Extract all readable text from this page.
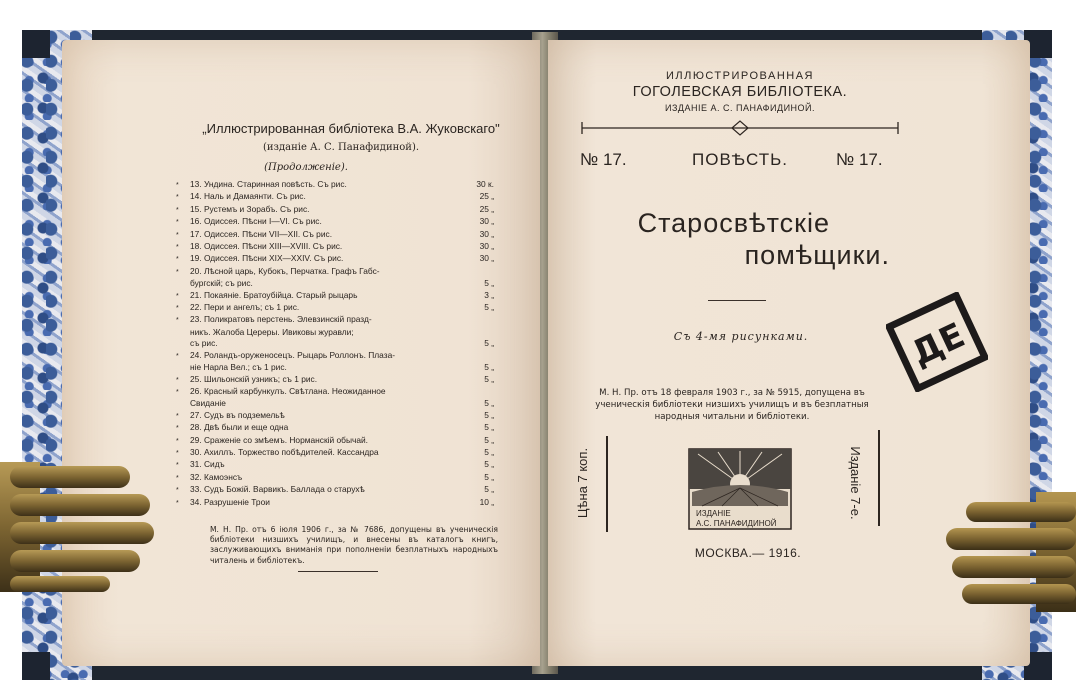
„Иллюстрированная библiотека В.А. Жуковскаго"
(изданiе А. С. Панафидиной).
(Продолженiе).
*	13. Ундина. Старинная повѣсть. Съ рис.	30 к.
*	14. Наль и Дамаянти. Съ рис.	25 „
*	15. Рустемъ и Зорабъ. Съ рис.	25 „
*	16. Одиссея. Пѣсни I—VI. Съ рис.	30 „
*	17. Одиссея. Пѣсни VII—XII. Съ рис.	30 „
*	18. Одиссея. Пѣсни XIII—XVIII. Съ рис.	30 „
*	19. Одиссея. Пѣсни XIX—XXIV. Съ рис.	30 „
*	20. Лѣсной царь, Кубокъ, Перчатка. Графъ Габс-
бургскій; съ рис.	5 „
*	21. Покаяніе. Братоубійца. Старый рыцарь	3 „
*	22. Пери и ангелъ; съ 1 рис.	5 „
*	23. Поликратовъ перстень. Элевзинскій празд-
никъ. Жалоба Цереры. Ивиковы журавли;
съ рис.	5 „
*	24. Роландъ-оруженосецъ. Рыцарь Роллонъ. Плаза-
ніе Нарла Вел.; съ 1 рис.	5 „
*	25. Шильонскій узникъ; съ 1 рис.	5 „
*	26. Красный карбункулъ. Свѣтлана. Неожиданное
Свиданіе	5 „
*	27. Судъ въ подземельѣ	5 „
*	28. Двѣ были и еще одна	5 „
*	29. Сраженіе со змѣемъ. Норманскій обычай.	5 „
*	30. Ахиллъ. Торжество побѣдителей. Кассандра	5 „
*	31. Сидъ	5 „
*	32. Камоэнсъ	5 „
*	33. Судъ Божій. Варвикъ. Баллада о старухѣ	5 „
*	34. Разрушеніе Трои	10 „
М. Н. Пр. отъ 6 іюля 1906 г., за № 7686, допущены въ ученическія библіотеки низшихъ училищъ, и внесены въ каталогъ книгъ, заслуживающихъ вниманія при пополненіи безплатныхъ народныхъ читалень и библіотекъ.
ИЛЛЮСТРИРОВАННАЯ
ГОГОЛЕВСКАЯ БИБЛІОТЕКА.
ИЗДАНІЕ А. С. ПАНАФИДИНОЙ.
№ 17.	ПОВѢСТЬ.	№ 17.
Старосвѣтскіе
помѣщики.
Съ 4-мя рисунками.
М. Н. Пр. отъ 18 февраля 1903 г., за № 5915, допущена въ ученическія библіотеки низшихъ училищъ и въ безплатныя народныя читальни и библіотеки.
Цѣна 7 коп.	Изданіе 7-е.
ИЗДАНІЕ
А.С. ПАНАФИДИНОЙ
МОСКВА.— 1916.
ДЕ
